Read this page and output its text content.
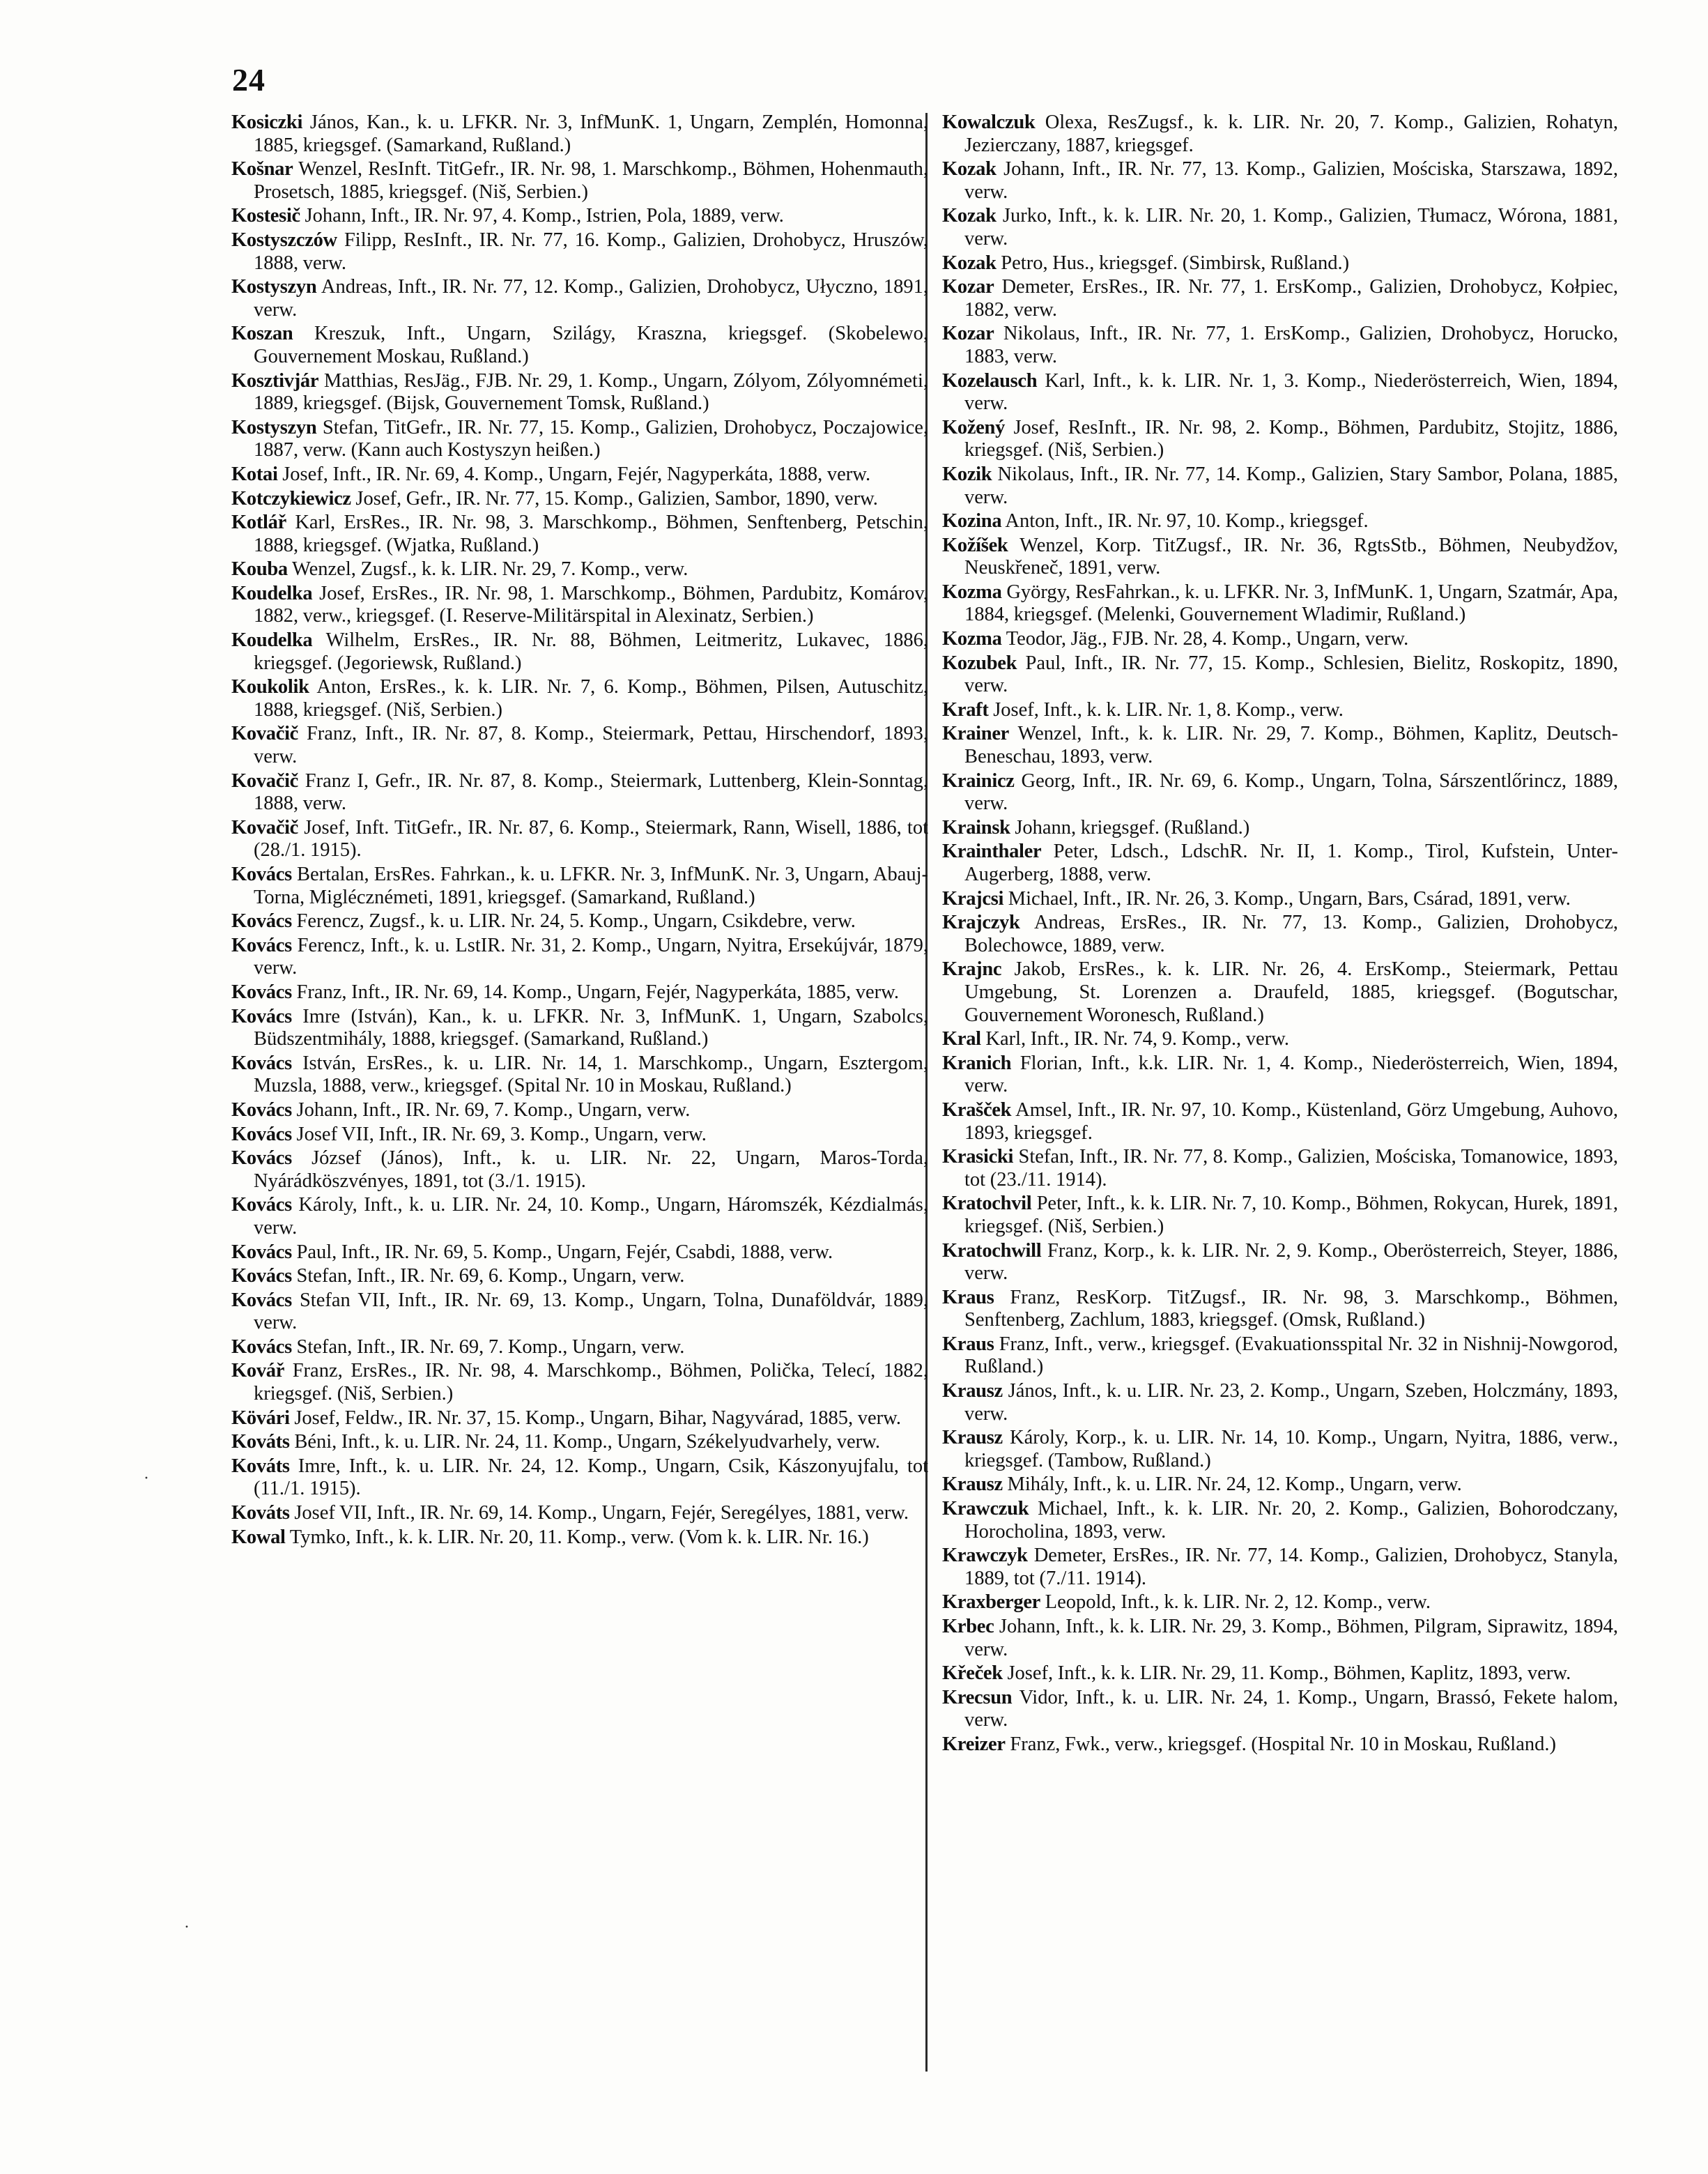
24

Kosiczki János, Kan., k. u. LFKR. Nr. 3, InfMunK. 1, Ungarn, Zemplén, Homonna, 1885, kriegsgef. (Samarkand, Rußland.)

Košnar Wenzel, ResInft. TitGefr., IR. Nr. 98, 1. Marschkomp., Böhmen, Hohenmauth, Prosetsch, 1885, kriegsgef. (Niš, Serbien.)

Kostesič Johann, Inft., IR. Nr. 97, 4. Komp., Istrien, Pola, 1889, verw.

Kostyszczów Filipp, ResInft., IR. Nr. 77, 16. Komp., Galizien, Drohobycz, Hruszów, 1888, verw.

Kostyszyn Andreas, Inft., IR. Nr. 77, 12. Komp., Galizien, Drohobycz, Ułyczno, 1891, verw.

Koszan Kreszuk, Inft., Ungarn, Szilágy, Kraszna, kriegsgef. (Skobelewo, Gouvernement Moskau, Rußland.)

Kosztivjár Matthias, ResJäg., FJB. Nr. 29, 1. Komp., Ungarn, Zólyom, Zólyomnémeti, 1889, kriegsgef. (Bijsk, Gouvernement Tomsk, Rußland.)

Kostyszyn Stefan, TitGefr., IR. Nr. 77, 15. Komp., Galizien, Drohobycz, Poczajowice, 1887, verw. (Kann auch Kostyszyn heißen.)

Kotai Josef, Inft., IR. Nr. 69, 4. Komp., Ungarn, Fejér, Nagyperkáta, 1888, verw.

Kotczykiewicz Josef, Gefr., IR. Nr. 77, 15. Komp., Galizien, Sambor, 1890, verw.

Kotlář Karl, ErsRes., IR. Nr. 98, 3. Marschkomp., Böhmen, Senftenberg, Petschin, 1888, kriegsgef. (Wjatka, Rußland.)

Kouba Wenzel, Zugsf., k. k. LIR. Nr. 29, 7. Komp., verw.

Koudelka Josef, ErsRes., IR. Nr. 98, 1. Marschkomp., Böhmen, Pardubitz, Komárov, 1882, verw., kriegsgef. (I. Reserve-Militärspital in Alexinatz, Serbien.)

Koudelka Wilhelm, ErsRes., IR. Nr. 88, Böhmen, Leitmeritz, Lukavec, 1886, kriegsgef. (Jegoriewsk, Rußland.)

Koukolik Anton, ErsRes., k. k. LIR. Nr. 7, 6. Komp., Böhmen, Pilsen, Autuschitz, 1888, kriegsgef. (Niš, Serbien.)

Kovačič Franz, Inft., IR. Nr. 87, 8. Komp., Steiermark, Pettau, Hirschendorf, 1893, verw.

Kovačič Franz I, Gefr., IR. Nr. 87, 8. Komp., Steiermark, Luttenberg, Klein-Sonntag, 1888, verw.

Kovačič Josef, Inft. TitGefr., IR. Nr. 87, 6. Komp., Steiermark, Rann, Wisell, 1886, tot (28./1. 1915).

Kovács Bertalan, ErsRes. Fahrkan., k. u. LFKR. Nr. 3, InfMunK. Nr. 3, Ungarn, Abauj-Torna, Miglécznémeti, 1891, kriegsgef. (Samarkand, Rußland.)

Kovács Ferencz, Zugsf., k. u. LIR. Nr. 24, 5. Komp., Ungarn, Csikdebre, verw.

Kovács Ferencz, Inft., k. u. LstIR. Nr. 31, 2. Komp., Ungarn, Nyitra, Ersekújvár, 1879, verw.

Kovács Franz, Inft., IR. Nr. 69, 14. Komp., Ungarn, Fejér, Nagyperkáta, 1885, verw.

Kovács Imre (István), Kan., k. u. LFKR. Nr. 3, InfMunK. 1, Ungarn, Szabolcs, Büdszentmihály, 1888, kriegsgef. (Samarkand, Rußland.)

Kovács István, ErsRes., k. u. LIR. Nr. 14, 1. Marschkomp., Ungarn, Esztergom, Muzsla, 1888, verw., kriegsgef. (Spital Nr. 10 in Moskau, Rußland.)

Kovács Johann, Inft., IR. Nr. 69, 7. Komp., Ungarn, verw.

Kovács Josef VII, Inft., IR. Nr. 69, 3. Komp., Ungarn, verw.

Kovács József (János), Inft., k. u. LIR. Nr. 22, Ungarn, Maros-Torda, Nyárádköszvényes, 1891, tot (3./1. 1915).

Kovács Károly, Inft., k. u. LIR. Nr. 24, 10. Komp., Ungarn, Háromszék, Kézdialmás, verw.

Kovács Paul, Inft., IR. Nr. 69, 5. Komp., Ungarn, Fejér, Csabdi, 1888, verw.

Kovács Stefan, Inft., IR. Nr. 69, 6. Komp., Ungarn, verw.

Kovács Stefan VII, Inft., IR. Nr. 69, 13. Komp., Ungarn, Tolna, Dunaföldvár, 1889, verw.

Kovács Stefan, Inft., IR. Nr. 69, 7. Komp., Ungarn, verw.

Kovář Franz, ErsRes., IR. Nr. 98, 4. Marschkomp., Böhmen, Polička, Telecí, 1882, kriegsgef. (Niš, Serbien.)

Kövári Josef, Feldw., IR. Nr. 37, 15. Komp., Ungarn, Bihar, Nagyvárad, 1885, verw.

Kováts Béni, Inft., k. u. LIR. Nr. 24, 11. Komp., Ungarn, Székelyudvarhely, verw.

Kováts Imre, Inft., k. u. LIR. Nr. 24, 12. Komp., Ungarn, Csik, Kászonyujfalu, tot (11./1. 1915).

Kováts Josef VII, Inft., IR. Nr. 69, 14. Komp., Ungarn, Fejér, Seregélyes, 1881, verw.

Kowal Tymko, Inft., k. k. LIR. Nr. 20, 11. Komp., verw. (Vom k. k. LIR. Nr. 16.)

Kowalczuk Olexa, ResZugsf., k. k. LIR. Nr. 20, 7. Komp., Galizien, Rohatyn, Jezierczany, 1887, kriegsgef.

Kozak Johann, Inft., IR. Nr. 77, 13. Komp., Galizien, Mościska, Starszawa, 1892, verw.

Kozak Jurko, Inft., k. k. LIR. Nr. 20, 1. Komp., Galizien, Tłumacz, Wórona, 1881, verw.

Kozak Petro, Hus., kriegsgef. (Simbirsk, Rußland.)

Kozar Demeter, ErsRes., IR. Nr. 77, 1. ErsKomp., Galizien, Drohobycz, Kołpiec, 1882, verw.

Kozar Nikolaus, Inft., IR. Nr. 77, 1. ErsKomp., Galizien, Drohobycz, Horucko, 1883, verw.

Kozelausch Karl, Inft., k. k. LIR. Nr. 1, 3. Komp., Niederösterreich, Wien, 1894, verw.

Kožený Josef, ResInft., IR. Nr. 98, 2. Komp., Böhmen, Pardubitz, Stojitz, 1886, kriegsgef. (Niš, Serbien.)

Kozik Nikolaus, Inft., IR. Nr. 77, 14. Komp., Galizien, Stary Sambor, Polana, 1885, verw.

Kozina Anton, Inft., IR. Nr. 97, 10. Komp., kriegsgef.

Kožíšek Wenzel, Korp. TitZugsf., IR. Nr. 36, RgtsStb., Böhmen, Neubydžov, Neuskřeneč, 1891, verw.

Kozma György, ResFahrkan., k. u. LFKR. Nr. 3, InfMunK. 1, Ungarn, Szatmár, Apa, 1884, kriegsgef. (Melenki, Gouvernement Wladimir, Rußland.)

Kozma Teodor, Jäg., FJB. Nr. 28, 4. Komp., Ungarn, verw.

Kozubek Paul, Inft., IR. Nr. 77, 15. Komp., Schlesien, Bielitz, Roskopitz, 1890, verw.

Kraft Josef, Inft., k. k. LIR. Nr. 1, 8. Komp., verw.

Krainer Wenzel, Inft., k. k. LIR. Nr. 29, 7. Komp., Böhmen, Kaplitz, Deutsch-Beneschau, 1893, verw.

Krainicz Georg, Inft., IR. Nr. 69, 6. Komp., Ungarn, Tolna, Sárszentlőrincz, 1889, verw.

Krainsk Johann, kriegsgef. (Rußland.)

Krainthaler Peter, Ldsch., LdschR. Nr. II, 1. Komp., Tirol, Kufstein, Unter-Augerberg, 1888, verw.

Krajcsi Michael, Inft., IR. Nr. 26, 3. Komp., Ungarn, Bars, Csárad, 1891, verw.

Krajczyk Andreas, ErsRes., IR. Nr. 77, 13. Komp., Galizien, Drohobycz, Bolechowce, 1889, verw.

Krajnc Jakob, ErsRes., k. k. LIR. Nr. 26, 4. ErsKomp., Steiermark, Pettau Umgebung, St. Lorenzen a. Draufeld, 1885, kriegsgef. (Bogutschar, Gouvernement Woronesch, Rußland.)

Kral Karl, Inft., IR. Nr. 74, 9. Komp., verw.

Kranich Florian, Inft., k.k. LIR. Nr. 1, 4. Komp., Niederösterreich, Wien, 1894, verw.

Krašček Amsel, Inft., IR. Nr. 97, 10. Komp., Küstenland, Görz Umgebung, Auhovo, 1893, kriegsgef.

Krasicki Stefan, Inft., IR. Nr. 77, 8. Komp., Galizien, Mościska, Tomanowice, 1893, tot (23./11. 1914).

Kratochvil Peter, Inft., k. k. LIR. Nr. 7, 10. Komp., Böhmen, Rokycan, Hurek, 1891, kriegsgef. (Niš, Serbien.)

Kratochwill Franz, Korp., k. k. LIR. Nr. 2, 9. Komp., Oberösterreich, Steyer, 1886, verw.

Kraus Franz, ResKorp. TitZugsf., IR. Nr. 98, 3. Marschkomp., Böhmen, Senftenberg, Zachlum, 1883, kriegsgef. (Omsk, Rußland.)

Kraus Franz, Inft., verw., kriegsgef. (Evakuationsspital Nr. 32 in Nishnij-Nowgorod, Rußland.)

Krausz János, Inft., k. u. LIR. Nr. 23, 2. Komp., Ungarn, Szeben, Holczmány, 1893, verw.

Krausz Károly, Korp., k. u. LIR. Nr. 14, 10. Komp., Ungarn, Nyitra, 1886, verw., kriegsgef. (Tambow, Rußland.)

Krausz Mihály, Inft., k. u. LIR. Nr. 24, 12. Komp., Ungarn, verw.

Krawczuk Michael, Inft., k. k. LIR. Nr. 20, 2. Komp., Galizien, Bohorodczany, Horocholina, 1893, verw.

Krawczyk Demeter, ErsRes., IR. Nr. 77, 14. Komp., Galizien, Drohobycz, Stanyla, 1889, tot (7./11. 1914).

Kraxberger Leopold, Inft., k. k. LIR. Nr. 2, 12. Komp., verw.

Krbec Johann, Inft., k. k. LIR. Nr. 29, 3. Komp., Böhmen, Pilgram, Siprawitz, 1894, verw.

Křeček Josef, Inft., k. k. LIR. Nr. 29, 11. Komp., Böhmen, Kaplitz, 1893, verw.

Krecsun Vidor, Inft., k. u. LIR. Nr. 24, 1. Komp., Ungarn, Brassó, Fekete halom, verw.

Kreizer Franz, Fwk., verw., kriegsgef. (Hospital Nr. 10 in Moskau, Rußland.)

·
·
